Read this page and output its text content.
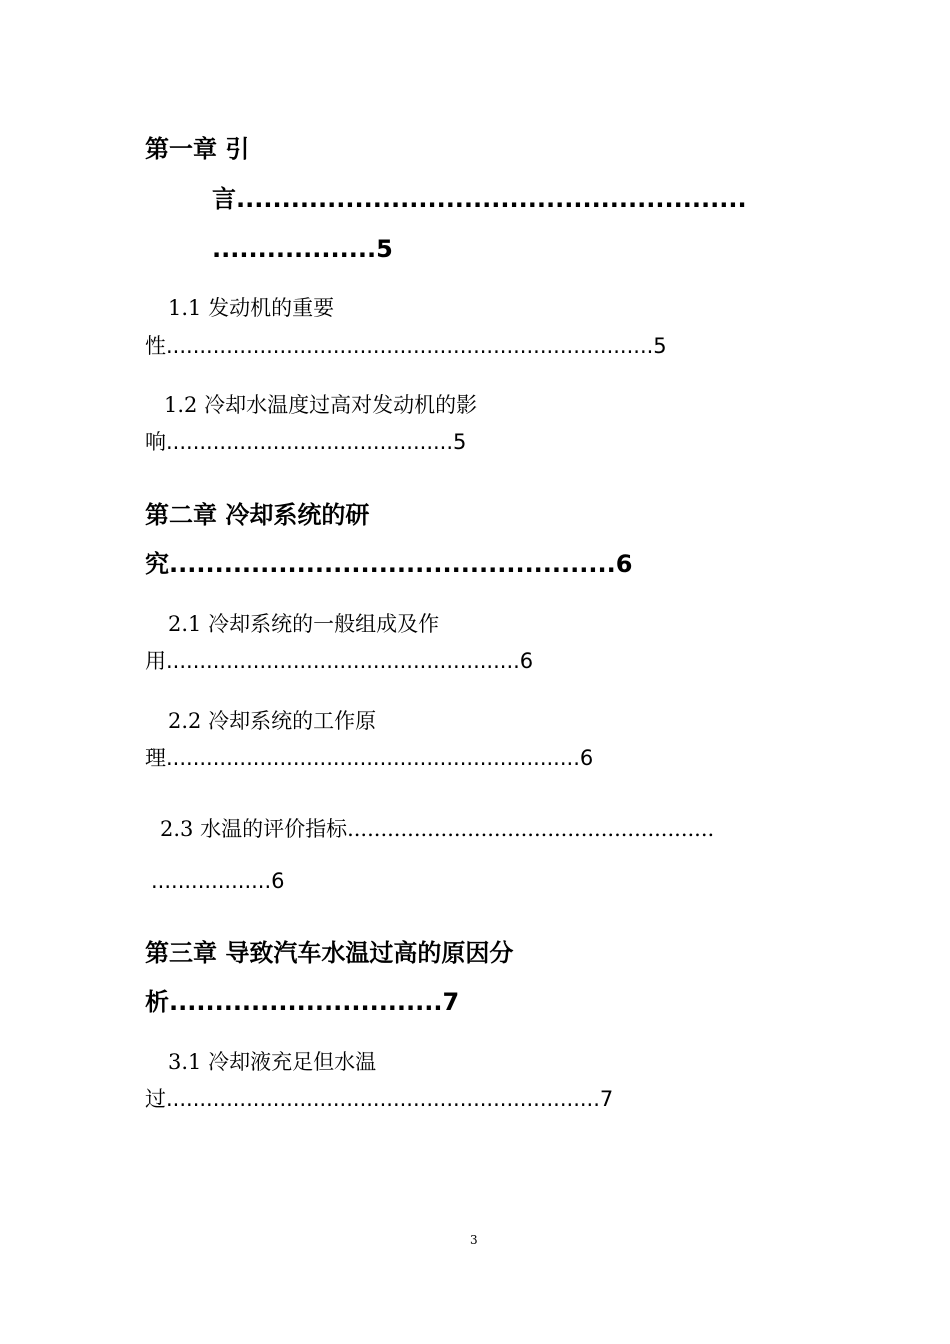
第一章 引
言........................................................
..................5
1.1 发动机的重要
性.........................................................................5
1.2 冷却水温度过高对发动机的影
响...........................................5
第二章 冷却系统的研
究.................................................6
2.1 冷却系统的一般组成及作
用.....................................................6
2.2 冷却系统的工作原
理..............................................................6
2.3 水温的评价指标.......................................................
..................6
第三章 导致汽车水温过高的原因分
析..............................7
3.1 冷却液充足但水温
过.................................................................7
3
